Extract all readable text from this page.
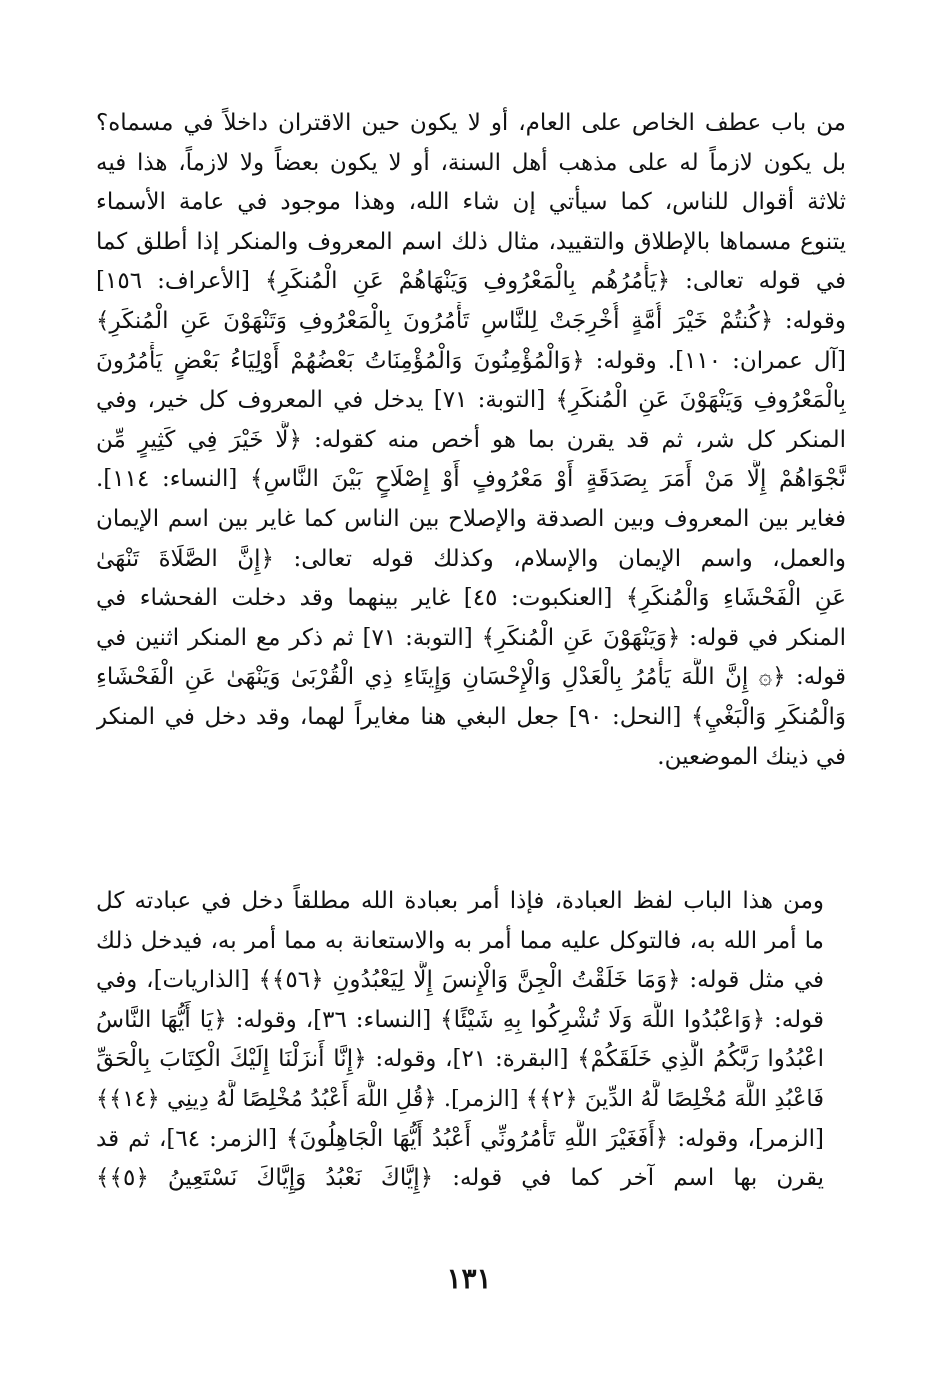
من باب عطف الخاص على العام، أو لا يكون حين الاقتران داخلاً في مسماه؟
بل يكون لازماً له على مذهب أهل السنة، أو لا يكون بعضاً ولا لازماً، هذا فيه
ثلاثة أقوال للناس، كما سيأتي إن شاء الله، وهذا موجود في عامة الأسماء
يتنوع مسماها بالإطلاق والتقييد، مثال ذلك اسم المعروف والمنكر إذا أطلق كما
في قوله تعالى: ﴿يَأْمُرُهُم بِالْمَعْرُوفِ وَيَنْهَاهُمْ عَنِ الْمُنكَرِ﴾ [الأعراف: ١٥٦]
وقوله: ﴿كُنتُمْ خَيْرَ أُمَّةٍ أُخْرِجَتْ لِلنَّاسِ تَأْمُرُونَ بِالْمَعْرُوفِ وَتَنْهَوْنَ عَنِ الْمُنكَرِ﴾
[آل عمران: ١١٠]. وقوله: ﴿وَالْمُؤْمِنُونَ وَالْمُؤْمِنَاتُ بَعْضُهُمْ أَوْلِيَاءُ بَعْضٍ يَأْمُرُونَ
بِالْمَعْرُوفِ وَيَنْهَوْنَ عَنِ الْمُنكَرِ﴾ [التوبة: ٧١] يدخل في المعروف كل خير، وفي
المنكر كل شر، ثم قد يقرن بما هو أخص منه كقوله: ﴿لَّا خَيْرَ فِي كَثِيرٍ مِّن
نَّجْوَاهُمْ إِلَّا مَنْ أَمَرَ بِصَدَقَةٍ أَوْ مَعْرُوفٍ أَوْ إِصْلَاحٍ بَيْنَ النَّاسِ﴾ [النساء: ١١٤].
فغاير بين المعروف وبين الصدقة والإصلاح بين الناس كما غاير بين اسم الإيمان
والعمل، واسم الإيمان والإسلام، وكذلك قوله تعالى: ﴿إِنَّ الصَّلَاةَ تَنْهَىٰ
عَنِ الْفَحْشَاءِ وَالْمُنكَرِ﴾ [العنكبوت: ٤٥] غاير بينهما وقد دخلت الفحشاء في
المنكر في قوله: ﴿وَيَنْهَوْنَ عَنِ الْمُنكَرِ﴾ [التوبة: ٧١] ثم ذكر مع المنكر اثنين في
قوله: ﴿۞ إِنَّ اللَّهَ يَأْمُرُ بِالْعَدْلِ وَالْإِحْسَانِ وَإِيتَاءِ ذِي الْقُرْبَىٰ وَيَنْهَىٰ عَنِ الْفَحْشَاءِ
وَالْمُنكَرِ وَالْبَغْيِ﴾ [النحل: ٩٠] جعل البغي هنا مغايراً لهما، وقد دخل في المنكر
في ذينك الموضعين.
ومن هذا الباب لفظ العبادة، فإذا أمر بعبادة الله مطلقاً دخل في عبادته كل
ما أمر الله به، فالتوكل عليه مما أمر به والاستعانة به مما أمر به، فيدخل ذلك
في مثل قوله: ﴿وَمَا خَلَقْتُ الْجِنَّ وَالْإِنسَ إِلَّا لِيَعْبُدُونِ ﴿٥٦﴾﴾ [الذاريات]، وفي
قوله: ﴿وَاعْبُدُوا اللَّهَ وَلَا تُشْرِكُوا بِهِ شَيْئًا﴾ [النساء: ٣٦]، وقوله: ﴿يَا أَيُّهَا النَّاسُ
اعْبُدُوا رَبَّكُمُ الَّذِي خَلَقَكُمْ﴾ [البقرة: ٢١]، وقوله: ﴿إِنَّا أَنزَلْنَا إِلَيْكَ الْكِتَابَ بِالْحَقِّ
فَاعْبُدِ اللَّهَ مُخْلِصًا لَّهُ الدِّينَ ﴿٢﴾﴾ [الزمر]. ﴿قُلِ اللَّهَ أَعْبُدُ مُخْلِصًا لَّهُ دِينِي ﴿١٤﴾﴾
[الزمر]، وقوله: ﴿أَفَغَيْرَ اللَّهِ تَأْمُرُونِّي أَعْبُدُ أَيُّهَا الْجَاهِلُونَ﴾ [الزمر: ٦٤]، ثم قد
يقرن بها اسم آخر كما في قوله: ﴿إِيَّاكَ نَعْبُدُ وَإِيَّاكَ نَسْتَعِينُ ﴿٥﴾﴾
١٣١
